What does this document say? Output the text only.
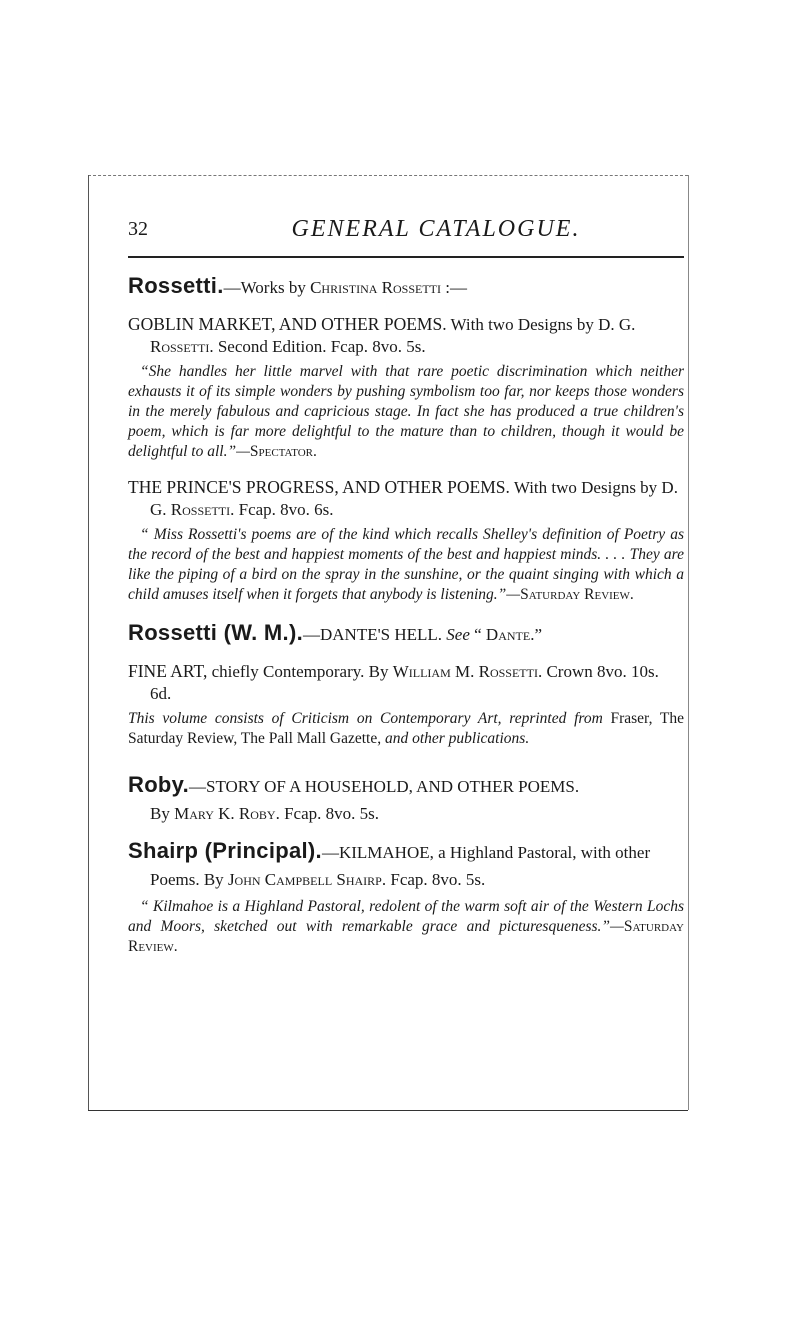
32	GENERAL CATALOGUE.

Rossetti.—Works by Christina Rossetti :—

GOBLIN MARKET, AND OTHER POEMS. With two Designs by D. G. Rossetti. Second Edition. Fcap. 8vo. 5s.

“She handles her little marvel with that rare poetic discrimination which neither exhausts it of its simple wonders by pushing symbolism too far, nor keeps those wonders in the merely fabulous and capricious stage. In fact she has produced a true children's poem, which is far more delightful to the mature than to children, though it would be delightful to all.”—Spectator.

THE PRINCE'S PROGRESS, AND OTHER POEMS. With two Designs by D. G. Rossetti. Fcap. 8vo. 6s.

“ Miss Rossetti's poems are of the kind which recalls Shelley's definition of Poetry as the record of the best and happiest moments of the best and happiest minds. . . . They are like the piping of a bird on the spray in the sunshine, or the quaint singing with which a child amuses itself when it forgets that anybody is listening.”—Saturday Review.

Rossetti (W. M.).—DANTE'S HELL. See “ Dante.”

FINE ART, chiefly Contemporary. By William M. Rossetti. Crown 8vo. 10s. 6d.

This volume consists of Criticism on Contemporary Art, reprinted from Fraser, The Saturday Review, The Pall Mall Gazette, and other publications.

Roby.—STORY OF A HOUSEHOLD, AND OTHER POEMS.
By Mary K. Roby. Fcap. 8vo. 5s.

Shairp (Principal).—KILMAHOE, a Highland Pastoral, with other Poems. By John Campbell Shairp. Fcap. 8vo. 5s.

“ Kilmahoe is a Highland Pastoral, redolent of the warm soft air of the Western Lochs and Moors, sketched out with remarkable grace and picturesqueness.”—Saturday Review.
